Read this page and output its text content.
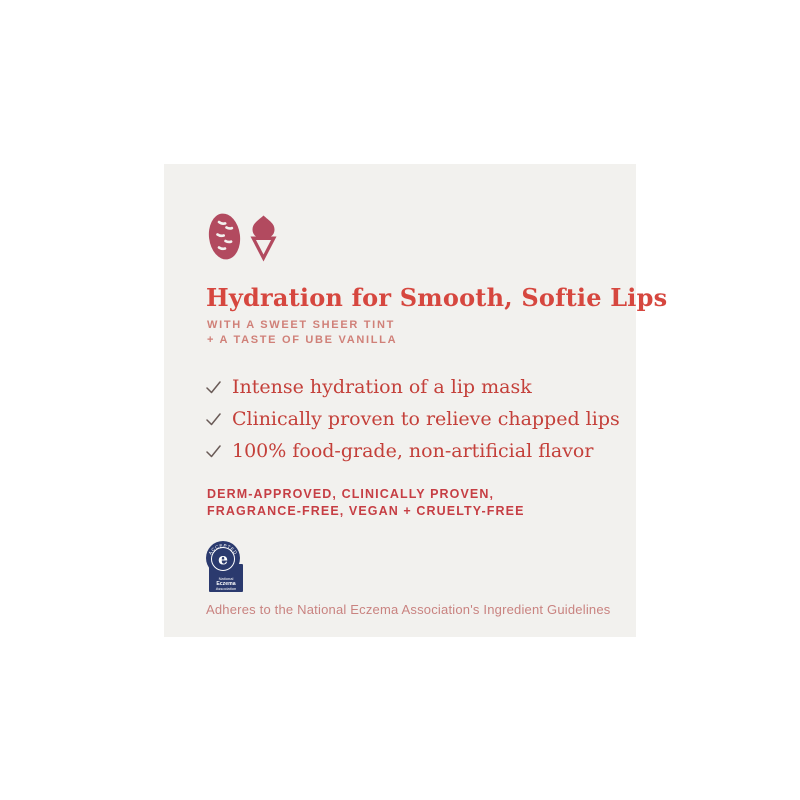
Hydration for Smooth, Softie Lips
WITH A SWEET SHEER TINT
+ A TASTE OF UBE VANILLA
Intense hydration of a lip mask
Clinically proven to relieve chapped lips
100% food-grade, non-artificial flavor
DERM-APPROVED, CLINICALLY PROVEN,
FRAGRANCE-FREE, VEGAN + CRUELTY-FREE
ACCEPTED
e
National
Eczema
Association
Adheres to the National Eczema Association's Ingredient Guidelines
